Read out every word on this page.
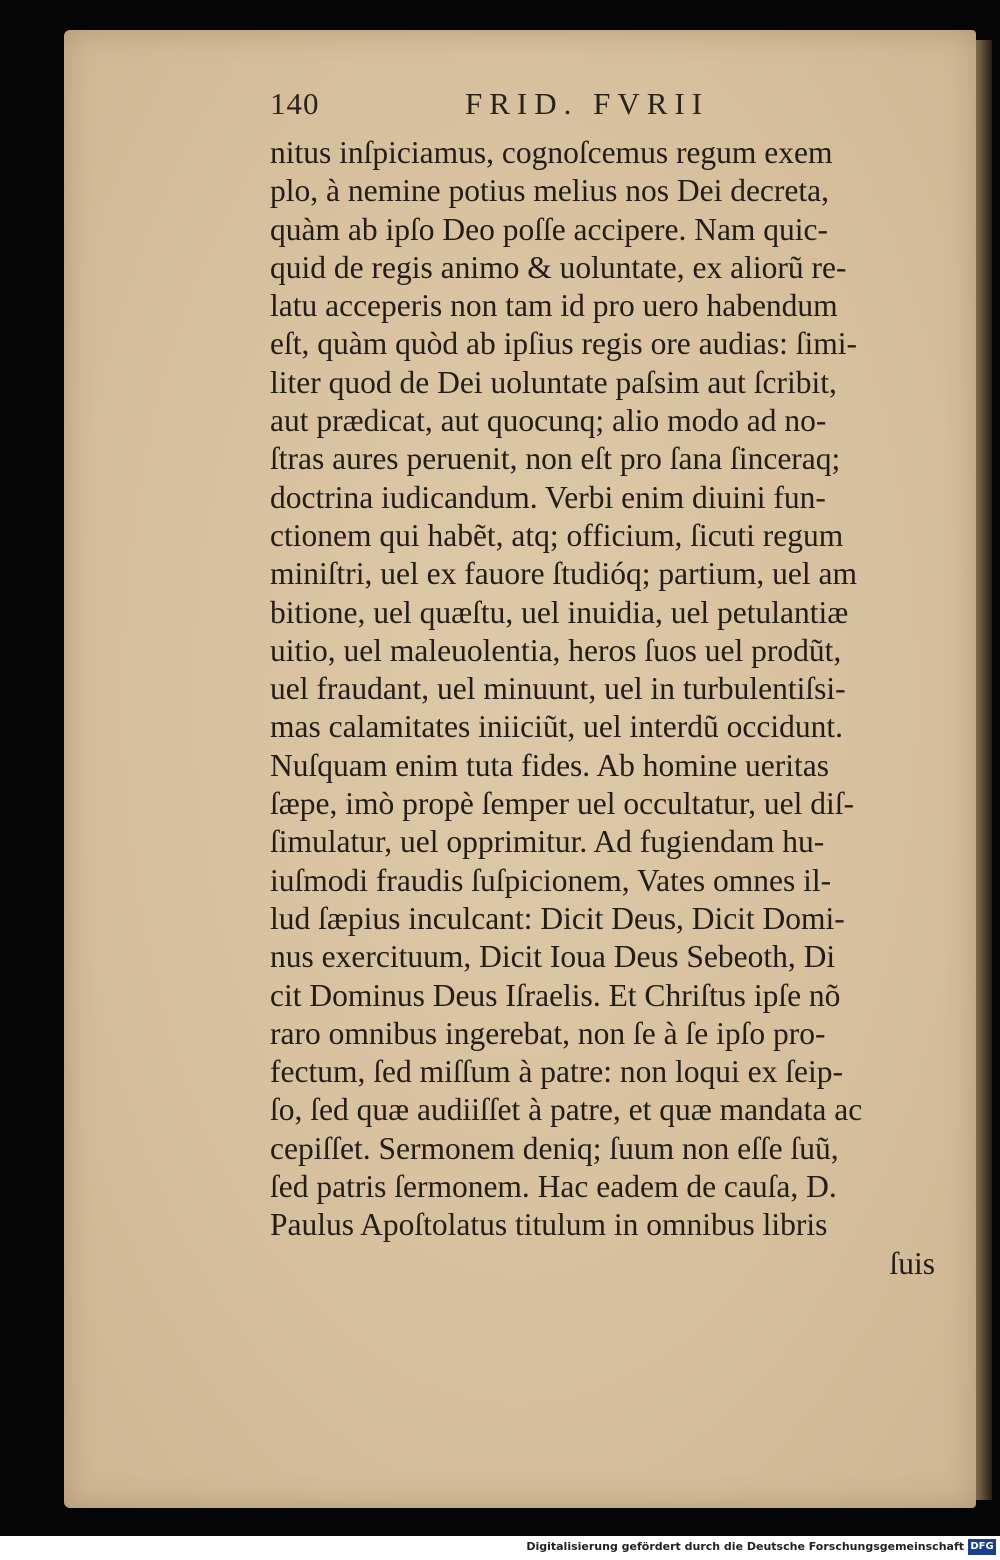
140	FRID. FVRII
nitus inſpiciamus, cognoſcemus regum exem
plo, à nemine potius melius nos Dei decreta,
quàm ab ipſo Deo poſſe accipere. Nam quic-
quid de regis animo & uoluntate, ex aliorũ re-
latu acceperis non tam id pro uero habendum
eſt, quàm quòd ab ipſius regis ore audias: ſimi-
liter quod de Dei uoluntate paſsim aut ſcribit,
aut prædicat, aut quocunq; alio modo ad no-
ſtras aures peruenit, non eſt pro ſana ſinceraq;
doctrina iudicandum. Verbi enim diuini fun-
ctionem qui habẽt, atq; officium, ſicuti regum
miniſtri, uel ex fauore ſtudióq; partium, uel am
bitione, uel quæſtu, uel inuidia, uel petulantiæ
uitio, uel maleuolentia, heros ſuos uel prodũt,
uel fraudant, uel minuunt, uel in turbulentiſsi-
mas calamitates iniiciũt, uel interdũ occidunt.
Nuſquam enim tuta fides. Ab homine ueritas
ſæpe, imò propè ſemper uel occultatur, uel diſ-
ſimulatur, uel opprimitur. Ad fugiendam hu-
iuſmodi fraudis ſuſpicionem, Vates omnes il-
lud ſæpius inculcant: Dicit Deus, Dicit Domi-
nus exercituum, Dicit Ioua Deus Sebeoth, Di
cit Dominus Deus Iſraelis. Et Chriſtus ipſe nõ
raro omnibus ingerebat, non ſe à ſe ipſo pro-
fectum, ſed miſſum à patre: non loqui ex ſeip-
ſo, ſed quæ audiiſſet à patre, et quæ mandata ac
cepiſſet. Sermonem deniq; ſuum non eſſe ſuũ,
ſed patris ſermonem. Hac eadem de cauſa, D.
Paulus Apoſtolatus titulum in omnibus libris
ſuis
Digitalisierung gefördert durch die Deutsche Forschungsgemeinschaft DFG
